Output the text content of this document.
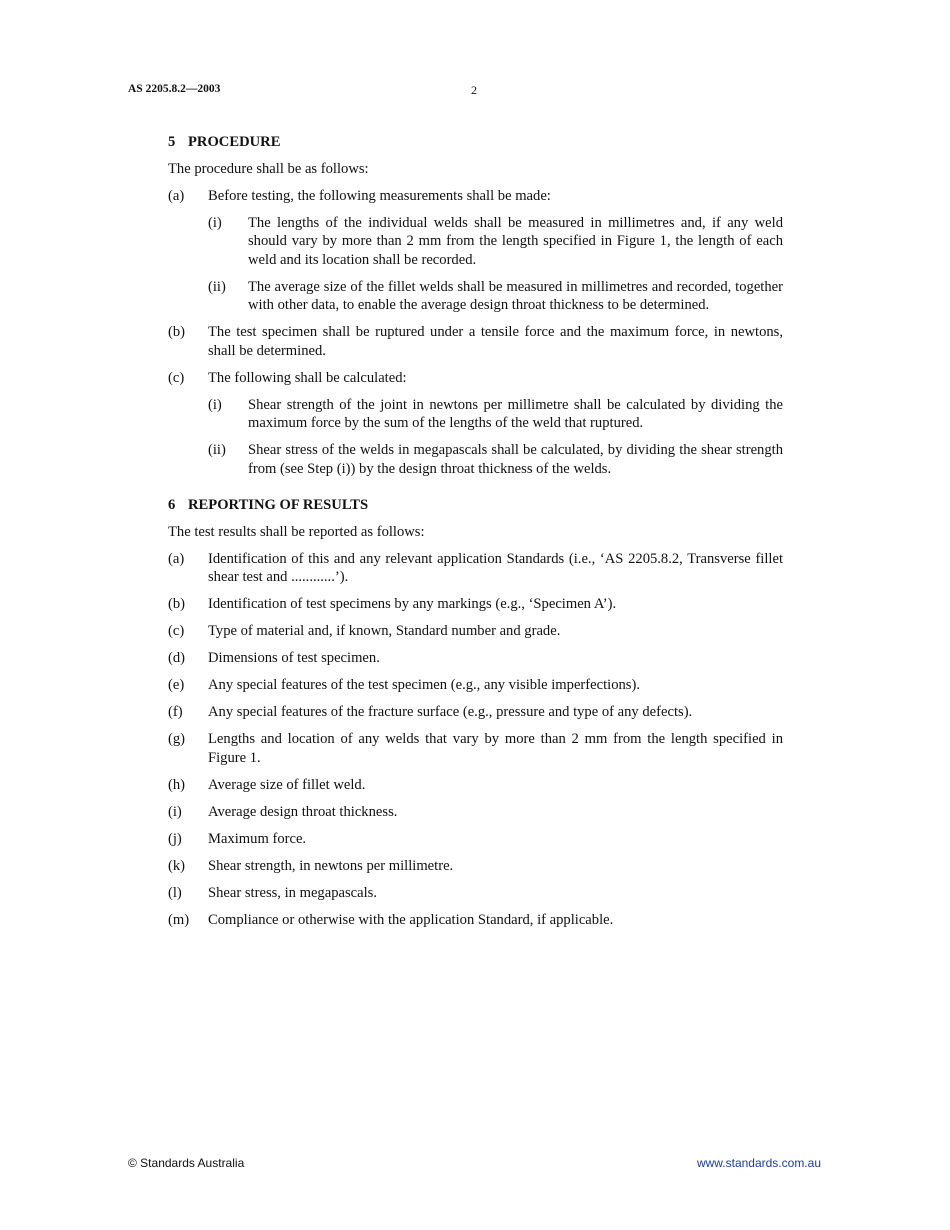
AS 2205.8.2—2003	2
5 PROCEDURE

The procedure shall be as follows:

(a)	Before testing, the following measurements shall be made:

(i)	The lengths of the individual welds shall be measured in millimetres and, if any weld should vary by more than 2 mm from the length specified in Figure 1, the length of each weld and its location shall be recorded.
(ii)	The average size of the fillet welds shall be measured in millimetres and recorded, together with other data, to enable the average design throat thickness to be determined.
(b)	The test specimen shall be ruptured under a tensile force and the maximum force, in newtons, shall be determined.

(c)	The following shall be calculated:

(i)	Shear strength of the joint in newtons per millimetre shall be calculated by dividing the maximum force by the sum of the lengths of the weld that ruptured.
(ii)	Shear stress of the welds in megapascals shall be calculated, by dividing the shear strength from (see Step (i)) by the design throat thickness of the welds.
6 REPORTING OF RESULTS

The test results shall be reported as follows:

(a)	Identification of this and any relevant application Standards (i.e., ‘AS 2205.8.2, Transverse fillet shear test and ............’).

(b)	Identification of test specimens by any markings (e.g., ‘Specimen A’).

(c)	Type of material and, if known, Standard number and grade.

(d)	Dimensions of test specimen.

(e)	Any special features of the test specimen (e.g., any visible imperfections).

(f)	Any special features of the fracture surface (e.g., pressure and type of any defects).

(g)	Lengths and location of any welds that vary by more than 2 mm from the length specified in Figure 1.

(h)	Average size of fillet weld.

(i)	Average design throat thickness.

(j)	Maximum force.

(k)	Shear strength, in newtons per millimetre.

(l)	Shear stress, in megapascals.

(m)	Compliance or otherwise with the application Standard, if applicable.

© Standards Australia	www.standards.com.au
